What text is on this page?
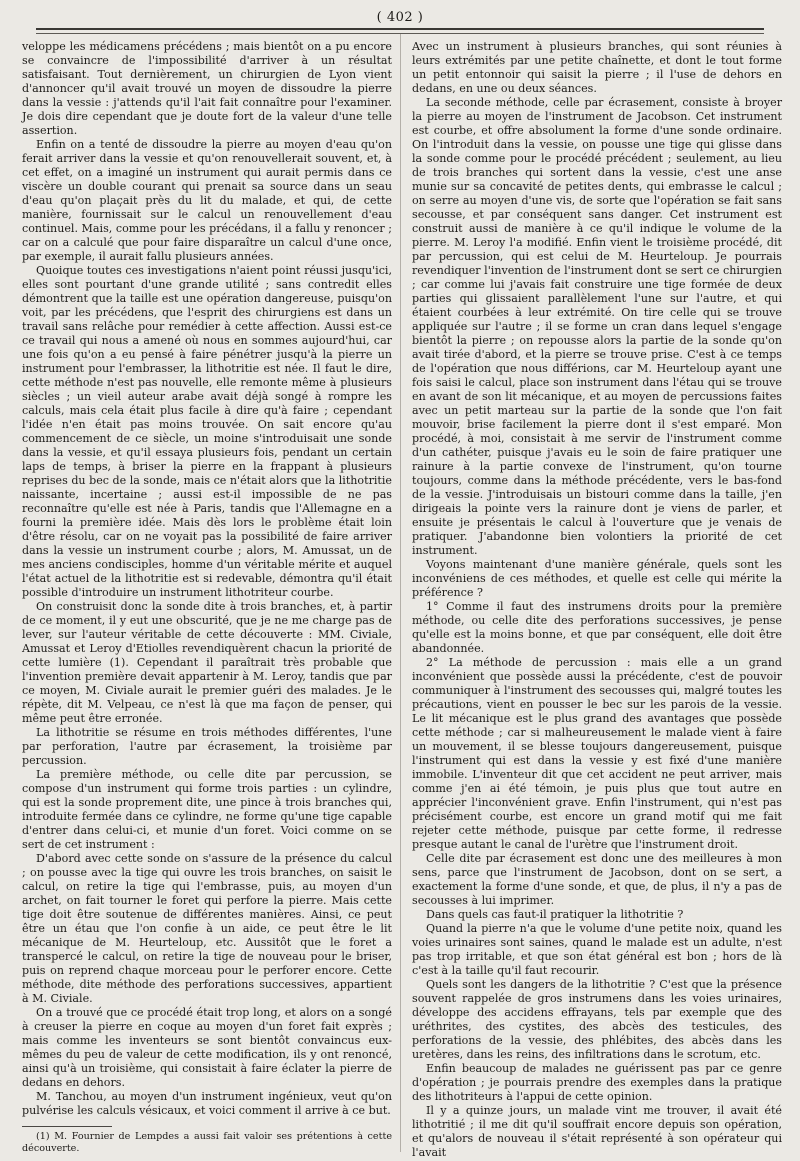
( 402 )

veloppe les médicamens précédens ; mais bientôt on a pu encore se convaincre de l'impossibilité d'arriver à un résultat satisfaisant. Tout dernièrement, un chirurgien de Lyon vient d'annoncer qu'il avait trouvé un moyen de dissoudre la pierre dans la vessie : j'attends qu'il l'ait fait connaître pour l'examiner. Je dois dire cependant que je doute fort de la valeur d'une telle assertion.

Enfin on a tenté de dissoudre la pierre au moyen d'eau qu'on ferait arriver dans la vessie et qu'on renouvellerait souvent, et, à cet effet, on a imaginé un instrument qui aurait permis dans ce viscère un double courant qui prenait sa source dans un seau d'eau qu'on plaçait près du lit du malade, et qui, de cette manière, fournissait sur le calcul un renouvellement d'eau continuel. Mais, comme pour les précédans, il a fallu y renoncer ; car on a calculé que pour faire disparaître un calcul d'une once, par exemple, il aurait fallu plusieurs années.

Quoique toutes ces investigations n'aient point réussi jusqu'ici, elles sont pourtant d'une grande utilité ; sans contredit elles démontrent que la taille est une opération dangereuse, puisqu'on voit, par les précédens, que l'esprit des chirurgiens est dans un travail sans relâche pour remédier à cette affection. Aussi est-ce ce travail qui nous a amené où nous en sommes aujourd'hui, car une fois qu'on a eu pensé à faire pénétrer jusqu'à la pierre un instrument pour l'embrasser, la lithotritie est née. Il faut le dire, cette méthode n'est pas nouvelle, elle remonte même à plusieurs siècles ; un vieil auteur arabe avait déjà songé à rompre les calculs, mais cela était plus facile à dire qu'à faire ; cependant l'idée n'en était pas moins trouvée. On sait encore qu'au commencement de ce siècle, un moine s'introduisait une sonde dans la vessie, et qu'il essaya plusieurs fois, pendant un certain laps de temps, à briser la pierre en la frappant à plusieurs reprises du bec de la sonde, mais ce n'était alors que la lithotritie naissante, incertaine ; aussi est-il impossible de ne pas reconnaître qu'elle est née à Paris, tandis que l'Allemagne en a fourni la première idée. Mais dès lors le problème était loin d'être résolu, car on ne voyait pas la possibilité de faire arriver dans la vessie un instrument courbe ; alors, M. Amussat, un de mes anciens condisciples, homme d'un véritable mérite et auquel l'état actuel de la lithotritie est si redevable, démontra qu'il était possible d'introduire un instrument lithotriteur courbe.

On construisit donc la sonde dite à trois branches, et, à partir de ce moment, il y eut une obscurité, que je ne me charge pas de lever, sur l'auteur véritable de cette découverte : MM. Civiale, Amussat et Leroy d'Etiolles revendiquèrent chacun la priorité de cette lumière (1). Cependant il paraîtrait très probable que l'invention première devait appartenir à M. Leroy, tandis que par ce moyen, M. Civiale aurait le premier guéri des malades. Je le répète, dit M. Velpeau, ce n'est là que ma façon de penser, qui même peut être erronée.

La lithotritie se résume en trois méthodes différentes, l'une par perforation, l'autre par écrasement, la troisième par percussion.

La première méthode, ou celle dite par percussion, se compose d'un instrument qui forme trois parties : un cylindre, qui est la sonde proprement dite, une pince à trois branches qui, introduite fermée dans ce cylindre, ne forme qu'une tige capable d'entrer dans celui-ci, et munie d'un foret. Voici comme on se sert de cet instrument :

D'abord avec cette sonde on s'assure de la présence du calcul ; on pousse avec la tige qui ouvre les trois branches, on saisit le calcul, on retire la tige qui l'embrasse, puis, au moyen d'un archet, on fait tourner le foret qui perfore la pierre. Mais cette tige doit être soutenue de différentes manières. Ainsi, ce peut être un étau que l'on confie à un aide, ce peut être le lit mécanique de M. Heurteloup, etc. Aussitôt que le foret a transpercé le calcul, on retire la tige de nouveau pour le briser, puis on reprend chaque morceau pour le perforer encore. Cette méthode, dite méthode des perforations successives, appartient à M. Civiale.

On a trouvé que ce procédé était trop long, et alors on a songé à creuser la pierre en coque au moyen d'un foret fait exprès ; mais comme les inventeurs se sont bientôt convaincus eux-mêmes du peu de valeur de cette modification, ils y ont renoncé, ainsi qu'à un troisième, qui consistait à faire éclater la pierre de dedans en dehors.

M. Tanchou, au moyen d'un instrument ingénieux, veut qu'on pulvérise les calculs vésicaux, et voici comment il arrive à ce but.

(1) M. Fournier de Lempdes a aussi fait valoir ses prétentions à cette découverte.

Avec un instrument à plusieurs branches, qui sont réunies à leurs extrémités par une petite chaînette, et dont le tout forme un petit entonnoir qui saisit la pierre ; il l'use de dehors en dedans, en une ou deux séances.

La seconde méthode, celle par écrasement, consiste à broyer la pierre au moyen de l'instrument de Jacobson. Cet instrument est courbe, et offre absolument la forme d'une sonde ordinaire. On l'introduit dans la vessie, on pousse une tige qui glisse dans la sonde comme pour le procédé précédent ; seulement, au lieu de trois branches qui sortent dans la vessie, c'est une anse munie sur sa concavité de petites dents, qui embrasse le calcul ; on serre au moyen d'une vis, de sorte que l'opération se fait sans secousse, et par conséquent sans danger. Cet instrument est construit aussi de manière à ce qu'il indique le volume de la pierre. M. Leroy l'a modifié. Enfin vient le troisième procédé, dit par percussion, qui est celui de M. Heurteloup. Je pourrais revendiquer l'invention de l'instrument dont se sert ce chirurgien ; car comme lui j'avais fait construire une tige formée de deux parties qui glissaient parallèlement l'une sur l'autre, et qui étaient courbées à leur extrémité. On tire celle qui se trouve appliquée sur l'autre ; il se forme un cran dans lequel s'engage bientôt la pierre ; on repousse alors la partie de la sonde qu'on avait tirée d'abord, et la pierre se trouve prise. C'est à ce temps de l'opération que nous différions, car M. Heurteloup ayant une fois saisi le calcul, place son instrument dans l'étau qui se trouve en avant de son lit mécanique, et au moyen de percussions faites avec un petit marteau sur la partie de la sonde que l'on fait mouvoir, brise facilement la pierre dont il s'est emparé. Mon procédé, à moi, consistait à me servir de l'instrument comme d'un cathéter, puisque j'avais eu le soin de faire pratiquer une rainure à la partie convexe de l'instrument, qu'on tourne toujours, comme dans la méthode précédente, vers le bas-fond de la vessie. J'introduisais un bistouri comme dans la taille, j'en dirigeais la pointe vers la rainure dont je viens de parler, et ensuite je présentais le calcul à l'ouverture que je venais de pratiquer. J'abandonne bien volontiers la priorité de cet instrument.

Voyons maintenant d'une manière générale, quels sont les inconvéniens de ces méthodes, et quelle est celle qui mérite la préférence ?

1° Comme il faut des instrumens droits pour la première méthode, ou celle dite des perforations successives, je pense qu'elle est la moins bonne, et que par conséquent, elle doit être abandonnée.

2° La méthode de percussion : mais elle a un grand inconvénient que possède aussi la précédente, c'est de pouvoir communiquer à l'instrument des secousses qui, malgré toutes les précautions, vient en pousser le bec sur les parois de la vessie. Le lit mécanique est le plus grand des avantages que possède cette méthode ; car si malheureusement le malade vient à faire un mouvement, il se blesse toujours dangereusement, puisque l'instrument qui est dans la vessie y est fixé d'une manière immobile. L'inventeur dit que cet accident ne peut arriver, mais comme j'en ai été témoin, je puis plus que tout autre en apprécier l'inconvénient grave. Enfin l'instrument, qui n'est pas précisément courbe, est encore un grand motif qui me fait rejeter cette méthode, puisque par cette forme, il redresse presque autant le canal de l'urètre que l'instrument droit.

Celle dite par écrasement est donc une des meilleures à mon sens, parce que l'instrument de Jacobson, dont on se sert, a exactement la forme d'une sonde, et que, de plus, il n'y a pas de secousses à lui imprimer.

Dans quels cas faut-il pratiquer la lithotritie ?

Quand la pierre n'a que le volume d'une petite noix, quand les voies urinaires sont saines, quand le malade est un adulte, n'est pas trop irritable, et que son état général est bon ; hors de là c'est à la taille qu'il faut recourir.

Quels sont les dangers de la lithotritie ? C'est que la présence souvent rappelée de gros instrumens dans les voies urinaires, développe des accidens effrayans, tels par exemple que des uréthrites, des cystites, des abcès des testicules, des perforations de la vessie, des phlébites, des abcès dans les uretères, dans les reins, des infiltrations dans le scrotum, etc.

Enfin beaucoup de malades ne guérissent pas par ce genre d'opération ; je pourrais prendre des exemples dans la pratique des lithotriteurs à l'appui de cette opinion.

Il y a quinze jours, un malade vint me trouver, il avait été lithotritié ; il me dit qu'il souffrait encore depuis son opération, et qu'alors de nouveau il s'était représenté à son opérateur qui l'avait
